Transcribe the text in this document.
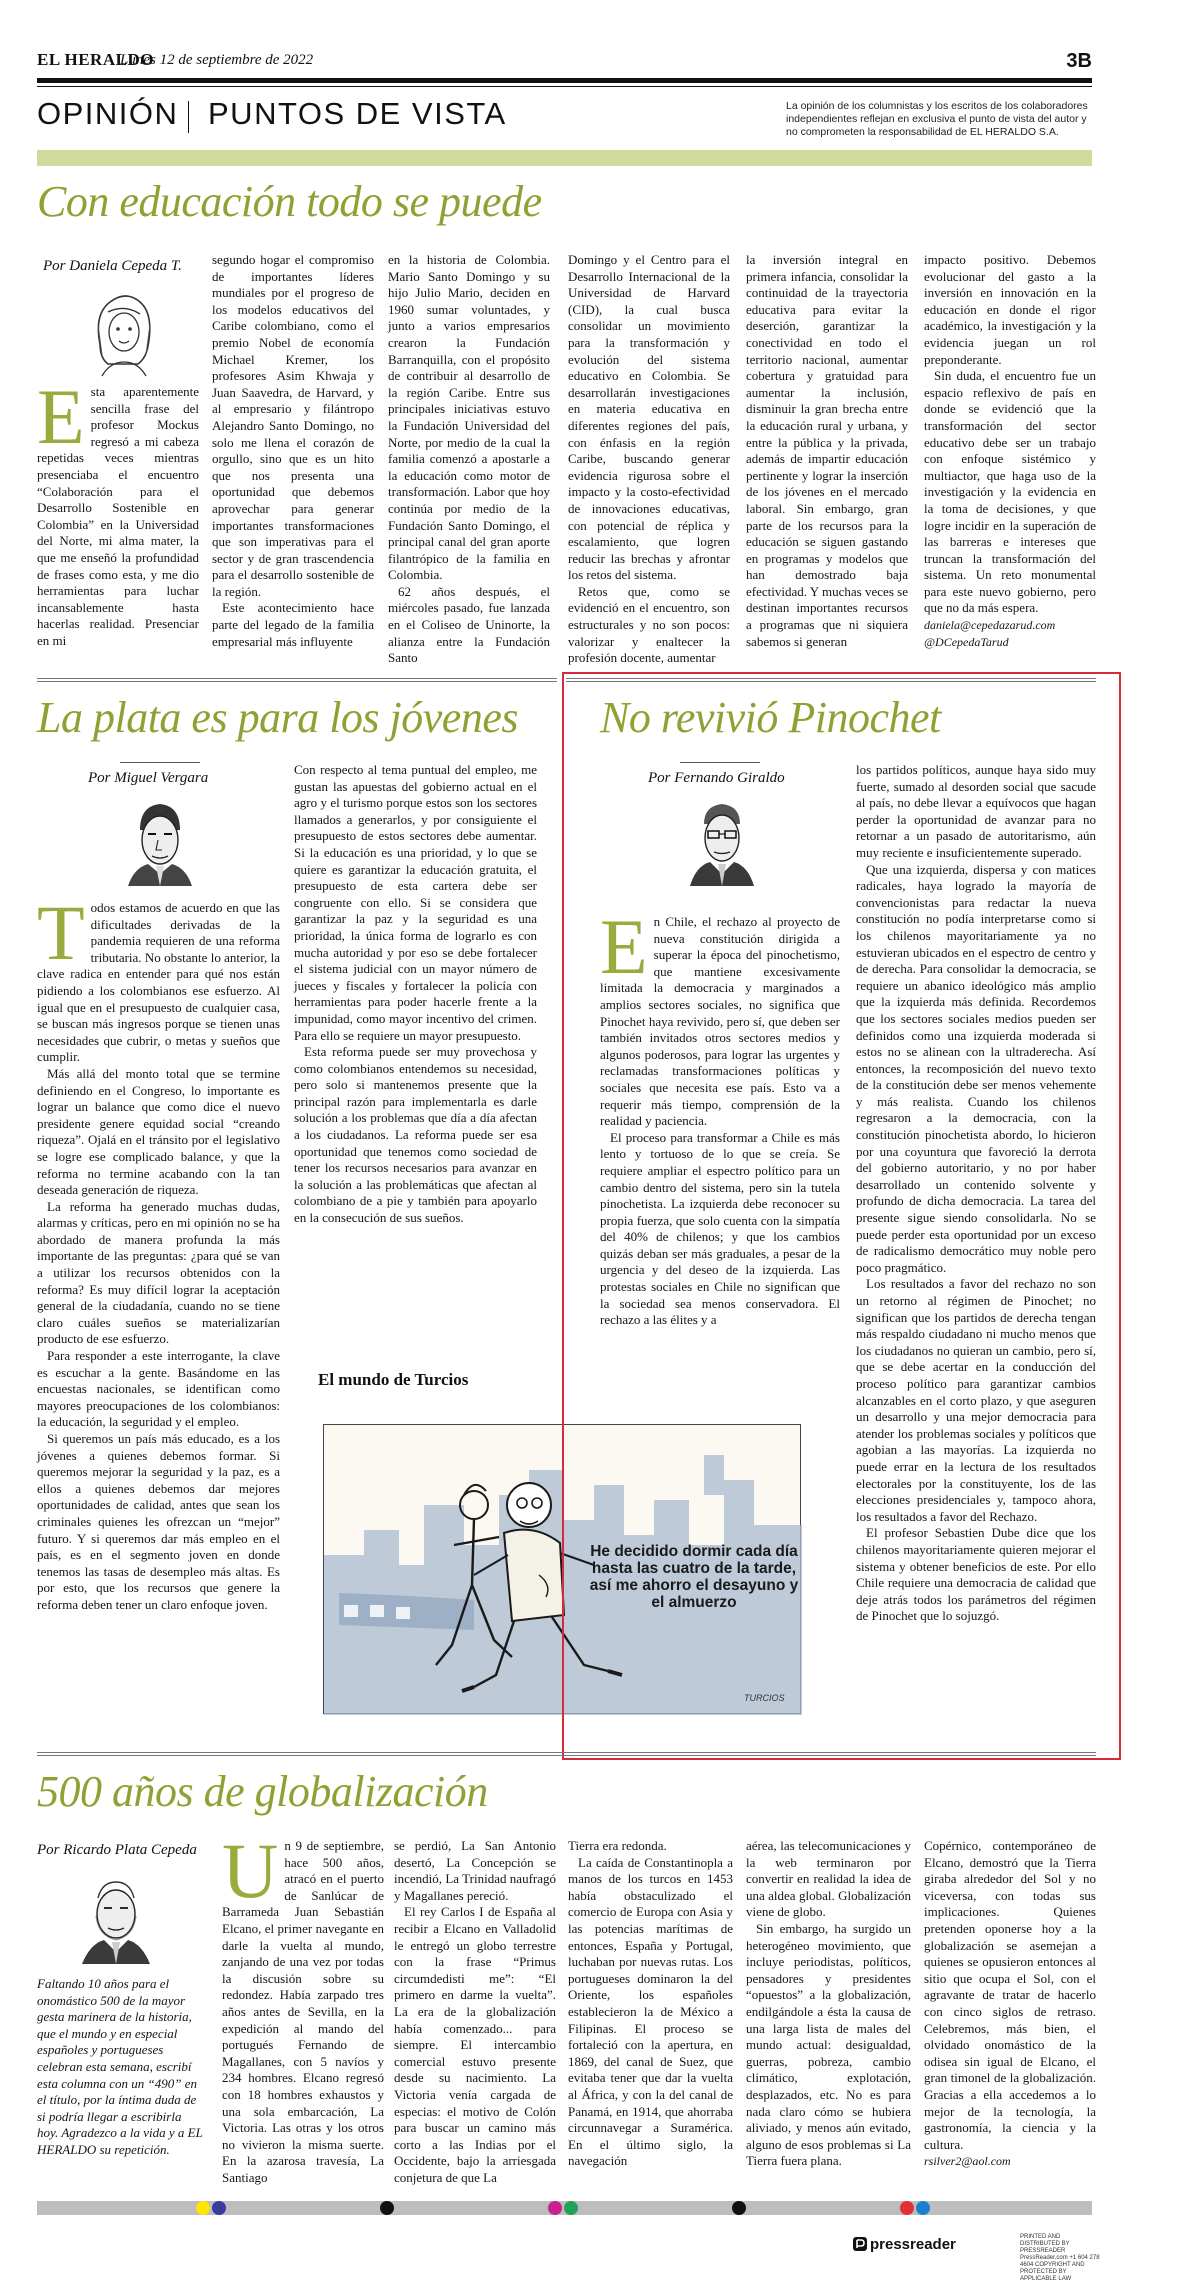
EL HERALDO
Lunes 12 de septiembre de 2022	3B
OPINIÓN PUNTOS DE VISTA	La opinión de los columnistas y los escritos de los colaboradores independientes reflejan en exclusiva el punto de vista del autor y no comprometen la responsabilidad de EL HERALDO S.A.
Con educación todo se puede
Por Daniela Cepeda T.
E sta aparentemente sencilla frase del profesor Mockus regresó a mi cabeza repetidas veces mientras presenciaba el encuentro “Colaboración para el Desarrollo Sostenible en Colombia” en la Universidad del Norte, mi alma mater, la que me enseñó la profundidad de frases como esta, y me dio herramientas para luchar incansablemente hasta hacerlas realidad. Presenciar en mi

segundo hogar el compromiso de importantes líderes mundiales por el progreso de los modelos educativos del Caribe colombiano, como el premio Nobel de economía Michael Kremer, los profesores Asim Khwaja y Juan Saavedra, de Harvard, y al empresario y filántropo Alejandro Santo Domingo, no solo me llena el corazón de orgullo, sino que es un hito que nos presenta una oportunidad que debemos aprovechar para generar importantes transformaciones que son imperativas para el sector y de gran trascendencia para el desarrollo sostenible de la región.

Este acontecimiento hace parte del legado de la familia empresarial más influyente

en la historia de Colombia. Mario Santo Domingo y su hijo Julio Mario, deciden en 1960 sumar voluntades, y junto a varios empresarios crearon la Fundación Barranquilla, con el propósito de contribuir al desarrollo de la región Caribe. Entre sus principales iniciativas estuvo la Fundación Universidad del Norte, por medio de la cual la familia comenzó a apostarle a la educación como motor de transformación. Labor que hoy continúa por medio de la Fundación Santo Domingo, el principal canal del gran aporte filantrópico de la familia en Colombia.

62 años después, el miércoles pasado, fue lanzada en el Coliseo de Uninorte, la alianza entre la Fundación Santo

Domingo y el Centro para el Desarrollo Internacional de la Universidad de Harvard (CID), la cual busca consolidar un movimiento para la transformación y evolución del sistema educativo en Colombia. Se desarrollarán investigaciones en materia educativa en diferentes regiones del país, con énfasis en la región Caribe, buscando generar evidencia rigurosa sobre el impacto y la costo-efectividad de innovaciones educativas, con potencial de réplica y escalamiento, que logren reducir las brechas y afrontar los retos del sistema.

Retos que, como se evidenció en el encuentro, son estructurales y no son pocos: valorizar y enaltecer la profesión docente, aumentar

la inversión integral en primera infancia, consolidar la continuidad de la trayectoria educativa para evitar la deserción, garantizar la conectividad en todo el territorio nacional, aumentar cobertura y gratuidad para aumentar la inclusión, disminuir la gran brecha entre la educación rural y urbana, y entre la pública y la privada, además de impartir educación pertinente y lograr la inserción de los jóvenes en el mercado laboral. Sin embargo, gran parte de los recursos para la educación se siguen gastando en programas y modelos que han demostrado baja efectividad. Y muchas veces se destinan importantes recursos a programas que ni siquiera sabemos si generan

impacto positivo. Debemos evolucionar del gasto a la inversión en innovación en la educación en donde el rigor académico, la investigación y la evidencia juegan un rol preponderante.

Sin duda, el encuentro fue un espacio reflexivo de país en donde se evidenció que la transformación del sector educativo debe ser un trabajo con enfoque sistémico y multiactor, que haga uso de la investigación y la evidencia en la toma de decisiones, y que logre incidir en la superación de las barreras e intereses que truncan la transformación del sistema. Un reto monumental para este nuevo gobierno, pero que no da más espera.

daniela@cepedazarud.com
@DCepedaTarud
La plata es para los jóvenes
Por Miguel Vergara
T odos estamos de acuerdo en que las dificultades derivadas de la pandemia requieren de una reforma tributaria. No obstante lo anterior, la clave radica en entender para qué nos están pidiendo a los colombianos ese esfuerzo. Al igual que en el presupuesto de cualquier casa, se buscan más ingresos porque se tienen unas necesidades que cubrir, o metas y sueños que cumplir.

Más allá del monto total que se termine definiendo en el Congreso, lo importante es lograr un balance que como dice el nuevo presidente genere equidad social “creando riqueza”. Ojalá en el tránsito por el legislativo se logre ese complicado balance, y que la reforma no termine acabando con la tan deseada generación de riqueza.

La reforma ha generado muchas dudas, alarmas y críticas, pero en mi opinión no se ha abordado de manera profunda la más importante de las preguntas: ¿para qué se van a utilizar los recursos obtenidos con la reforma? Es muy difícil lograr la aceptación general de la ciudadanía, cuando no se tiene claro cuáles sueños se materializarían producto de ese esfuerzo.

Para responder a este interrogante, la clave es escuchar a la gente. Basándome en las encuestas nacionales, se identifican como mayores preocupaciones de los colombianos: la educación, la seguridad y el empleo.

Si queremos un país más educado, es a los jóvenes a quienes debemos formar. Si queremos mejorar la seguridad y la paz, es a ellos a quienes debemos dar mejores oportunidades de calidad, antes que sean los criminales quienes les ofrezcan un “mejor” futuro. Y si queremos dar más empleo en el país, es en el segmento joven en donde tenemos las tasas de desempleo más altas. Es por esto, que los recursos que genere la reforma deben tener un claro enfoque joven.

Con respecto al tema puntual del empleo, me gustan las apuestas del gobierno actual en el agro y el turismo porque estos son los sectores llamados a generarlos, y por consiguiente el presupuesto de estos sectores debe aumentar. Si la educación es una prioridad, y lo que se quiere es garantizar la educación gratuita, el presupuesto de esta cartera debe ser congruente con ello. Si se considera que garantizar la paz y la seguridad es una prioridad, la única forma de lograrlo es con mucha autoridad y por eso se debe fortalecer el sistema judicial con un mayor número de jueces y fiscales y fortalecer la policía con herramientas para poder hacerle frente a la impunidad, como mayor incentivo del crimen. Para ello se requiere un mayor presupuesto.

Esta reforma puede ser muy provechosa y como colombianos entendemos su necesidad, pero solo si mantenemos presente que la principal razón para implementarla es darle solución a los problemas que día a día afectan a los ciudadanos. La reforma puede ser esa oportunidad que tenemos como sociedad de tener los recursos necesarios para avanzar en la solución a las problemáticas que afectan al colombiano de a pie y también para apoyarlo en la consecución de sus sueños.

El mundo de Turcios
He decidido dormir cada día hasta las cuatro de la tarde, así me ahorro el desayuno y el almuerzo
TURCIOS
No revivió Pinochet
Por Fernando Giraldo
E n Chile, el rechazo al proyecto de nueva constitución dirigida a superar la época del pinochetismo, que mantiene excesivamente limitada la democracia y marginados a amplios sectores sociales, no significa que Pinochet haya revivido, pero sí, que deben ser también invitados otros sectores medios y algunos poderosos, para lograr las urgentes y reclamadas transformaciones políticas y sociales que necesita ese país. Esto va a requerir más tiempo, comprensión de la realidad y paciencia.

El proceso para transformar a Chile es más lento y tortuoso de lo que se creía. Se requiere ampliar el espectro político para un cambio dentro del sistema, pero sin la tutela pinochetista. La izquierda debe reconocer su propia fuerza, que solo cuenta con la simpatía del 40% de chilenos; y que los cambios quizás deban ser más graduales, a pesar de la urgencia y del deseo de la izquierda. Las protestas sociales en Chile no significan que la sociedad sea menos conservadora. El rechazo a las élites y a

los partidos políticos, aunque haya sido muy fuerte, sumado al desorden social que sacude al país, no debe llevar a equívocos que hagan perder la oportunidad de avanzar para no retornar a un pasado de autoritarismo, aún muy reciente e insuficientemente superado.

Que una izquierda, dispersa y con matices radicales, haya logrado la mayoría de convencionistas para redactar la nueva constitución no podía interpretarse como si los chilenos mayoritariamente ya no estuvieran ubicados en el espectro de centro y de derecha. Para consolidar la democracia, se requiere un abanico ideológico más amplio que la izquierda más definida. Recordemos que los sectores sociales medios pueden ser definidos como una izquierda moderada si estos no se alinean con la ultraderecha. Así entonces, la recomposición del nuevo texto de la constitución debe ser menos vehemente y más realista. Cuando los chilenos regresaron a la democracia, con la constitución pinochetista abordo, lo hicieron por una coyuntura que favoreció la derrota del gobierno autoritario, y no por haber desarrollado un contenido solvente y profundo de dicha democracia. La tarea del presente sigue siendo consolidarla. No se puede perder esta oportunidad por un exceso de radicalismo democrático muy noble pero poco pragmático.

Los resultados a favor del rechazo no son un retorno al régimen de Pinochet; no significan que los partidos de derecha tengan más respaldo ciudadano ni mucho menos que los ciudadanos no quieran un cambio, pero sí, que se debe acertar en la conducción del proceso político para garantizar cambios alcanzables en el corto plazo, y que aseguren un desarrollo y una mejor democracia para atender los problemas sociales y políticos que agobian a las mayorías. La izquierda no puede errar en la lectura de los resultados electorales por la constituyente, los de las elecciones presidenciales y, tampoco ahora, los resultados a favor del Rechazo.

El profesor Sebastien Dube dice que los chilenos mayoritariamente quieren mejorar el sistema y obtener beneficios de este. Por ello Chile requiere una democracia de calidad que deje atrás todos los parámetros del régimen de Pinochet que lo sojuzgó.

500 años de globalización
Por Ricardo Plata Cepeda
Faltando 10 años para el onomástico 500 de la mayor gesta marinera de la historia, que el mundo y en especial españoles y portugueses celebran esta semana, escribí esta columna con un “490” en el título, por la íntima duda de si podría llegar a escribirla hoy. Agradezco a la vida y a EL HERALDO su repetición.
U n 9 de septiembre, hace 500 años, atracó en el puerto de Sanlúcar de Barrameda Juan Sebastián Elcano, el primer navegante en darle la vuelta al mundo, zanjando de una vez por todas la discusión sobre su redondez. Había zarpado tres años antes de Sevilla, en la expedición al mando del portugués Fernando de Magallanes, con 5 navíos y 234 hombres. Elcano regresó con 18 hombres exhaustos y una sola embarcación, La Victoria. Las otras y los otros no vivieron la misma suerte. En la azarosa travesía, La Santiago

se perdió, La San Antonio desertó, La Concepción se incendió, La Trinidad naufragó y Magallanes pereció.

El rey Carlos I de España al recibir a Elcano en Valladolid le entregó un globo terrestre con la frase “Primus circumdedisti me”: “El primero en darme la vuelta”. La era de la globalización había comenzado... para siempre. El intercambio comercial estuvo presente desde su nacimiento. La Victoria venía cargada de especias: el motivo de Colón para buscar un camino más corto a las Indias por el Occidente, bajo la arriesgada conjetura de que La

Tierra era redonda.

La caída de Constantinopla a manos de los turcos en 1453 había obstaculizado el comercio de Europa con Asia y las potencias marítimas de entonces, España y Portugal, luchaban por nuevas rutas. Los portugueses dominaron la del Oriente, los españoles establecieron la de México a Filipinas. El proceso se fortaleció con la apertura, en 1869, del canal de Suez, que evitaba tener que dar la vuelta al África, y con la del canal de Panamá, en 1914, que ahorraba circunnavegar a Suramérica. En el último siglo, la navegación

aérea, las telecomunicaciones y la web terminaron por convertir en realidad la idea de una aldea global. Globalización viene de globo.

Sin embargo, ha surgido un heterogéneo movimiento, que incluye periodistas, políticos, pensadores y presidentes “opuestos” a la globalización, endilgándole a ésta la causa de una larga lista de males del mundo actual: desigualdad, guerras, pobreza, cambio climático, explotación, desplazados, etc. No es para nada claro cómo se hubiera aliviado, y menos aún evitado, alguno de esos problemas si La Tierra fuera plana.

Copérnico, contemporáneo de Elcano, demostró que la Tierra giraba alrededor del Sol y no viceversa, con todas sus implicaciones. Quienes pretenden oponerse hoy a la globalización se asemejan a quienes se opusieron entonces al sitio que ocupa el Sol, con el agravante de tratar de hacerlo con cinco siglos de retraso. Celebremos, más bien, el olvidado onomástico de la odisea sin igual de Elcano, el gran timonel de la globalización. Gracias a ella accedemos a lo mejor de la tecnología, la gastronomía, la ciencia y la cultura.

rsilver2@aol.com
pressreader	PRINTED AND DISTRIBUTED BY PRESSREADER PressReader.com +1 604 278 4604 COPYRIGHT AND PROTECTED BY APPLICABLE LAW
